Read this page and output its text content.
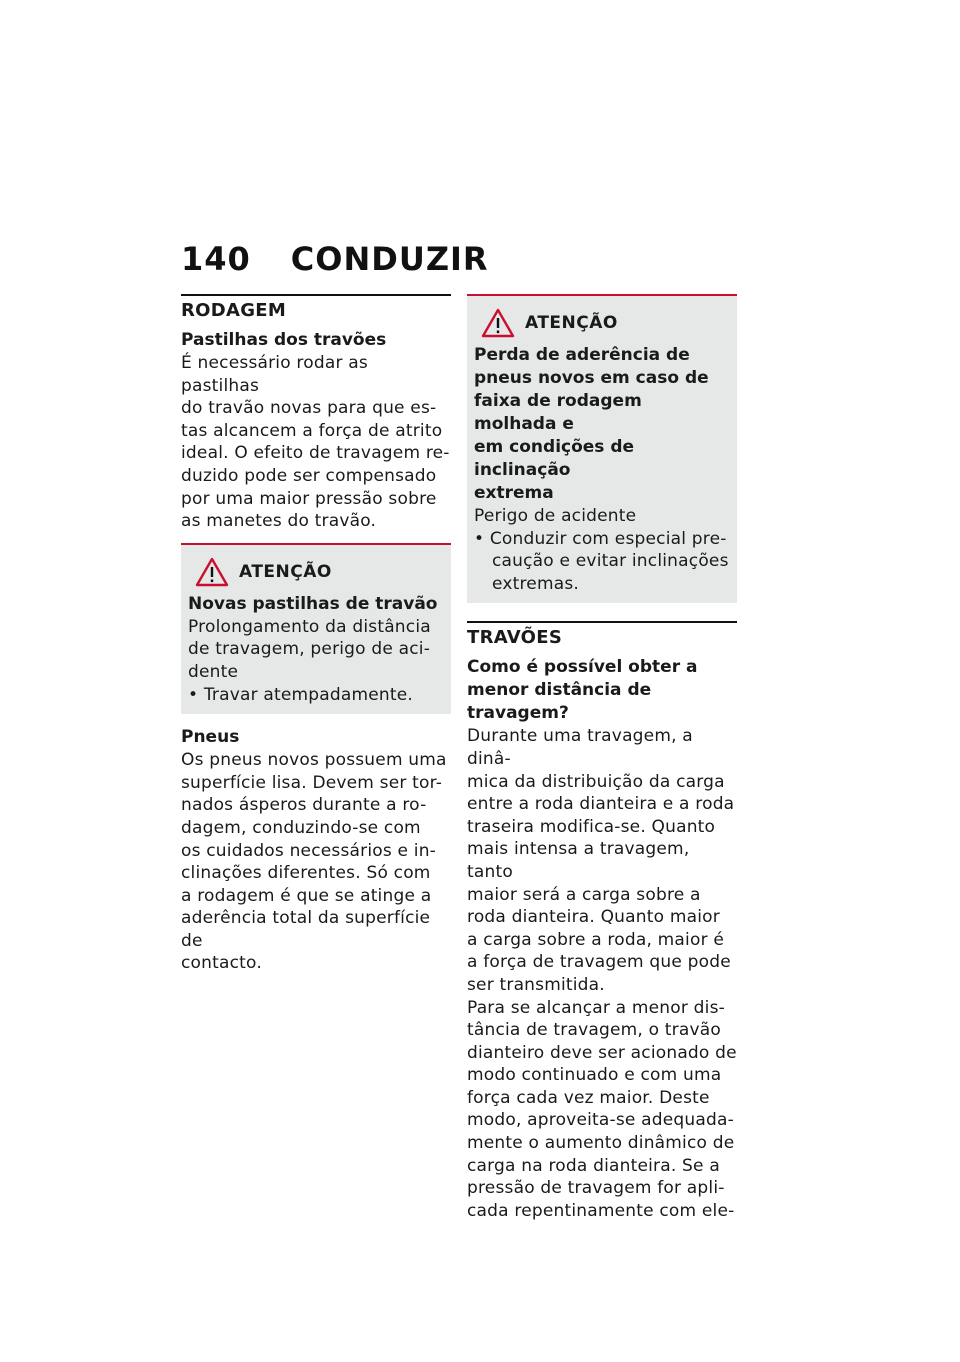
140 CONDUZIR
RODAGEM
Pastilhas dos travões
É necessário rodar as pastilhas
do travão novas para que es-
tas alcancem a força de atrito
ideal. O efeito de travagem re-
duzido pode ser compensado
por uma maior pressão sobre
as manetes do travão.
ATENÇÃO
Novas pastilhas de travão
Prolongamento da distância
de travagem, perigo de aci-
dente
• Travar atempadamente.
Pneus
Os pneus novos possuem uma
superfície lisa. Devem ser tor-
nados ásperos durante a ro-
dagem, conduzindo-se com
os cuidados necessários e in-
clinações diferentes. Só com
a rodagem é que se atinge a
aderência total da superfície de
contacto.
ATENÇÃO
Perda de aderência de
pneus novos em caso de
faixa de rodagem molhada e
em condições de inclinação
extrema
Perigo de acidente
• Conduzir com especial pre-
caução e evitar inclinações
extremas.
TRAVÕES
Como é possível obter a
menor distância de travagem?
Durante uma travagem, a dinâ-
mica da distribuição da carga
entre a roda dianteira e a roda
traseira modifica-se. Quanto
mais intensa a travagem, tanto
maior será a carga sobre a
roda dianteira. Quanto maior
a carga sobre a roda, maior é
a força de travagem que pode
ser transmitida.
Para se alcançar a menor dis-
tância de travagem, o travão
dianteiro deve ser acionado de
modo continuado e com uma
força cada vez maior. Deste
modo, aproveita-se adequada-
mente o aumento dinâmico de
carga na roda dianteira. Se a
pressão de travagem for apli-
cada repentinamente com ele-
